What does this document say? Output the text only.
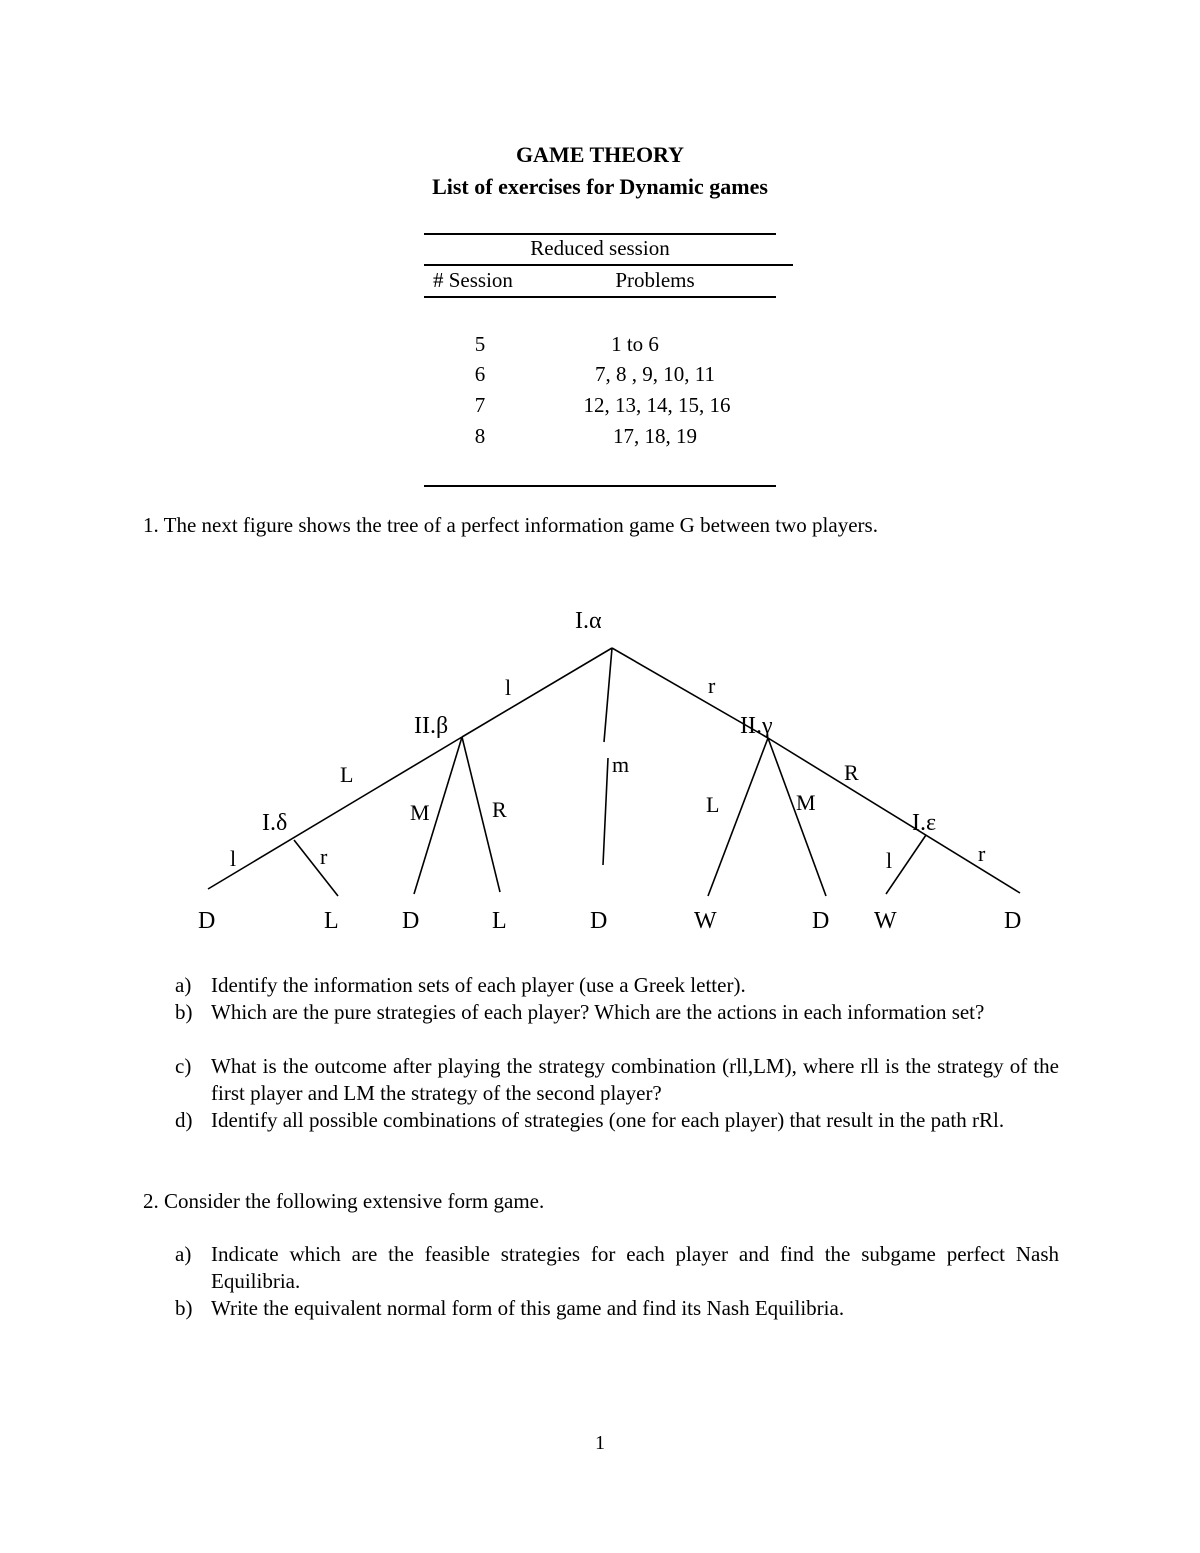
GAME THEORY
List of exercises for Dynamic games
Reduced session
# Session	Problems
5	1 to 6
6	7, 8 , 9, 10, 11
7	12, 13, 14, 15, 16
8	17, 18, 19
1. The next figure shows the tree of a perfect information game G between two players.
I.α
II.β	II.γ
I.δ	I.ε
l
m
r
L
M	R	L	M
R
l	r	l	r
D	L	D	L	D	W	D W	D
a) Identify the information sets of each player (use a Greek letter).
b) Which are the pure strategies of each player? Which are the actions in each information set?
c) What is the outcome after playing the strategy combination (rll,LM), where rll is the strategy of the first player and LM the strategy of the second player?
d) Identify all possible combinations of strategies (one for each player) that result in the path rRl.
2. Consider the following extensive form game.
a) Indicate which are the feasible strategies for each player and find the subgame perfect Nash Equilibria.
b) Write the equivalent normal form of this game and find its Nash Equilibria.
1
